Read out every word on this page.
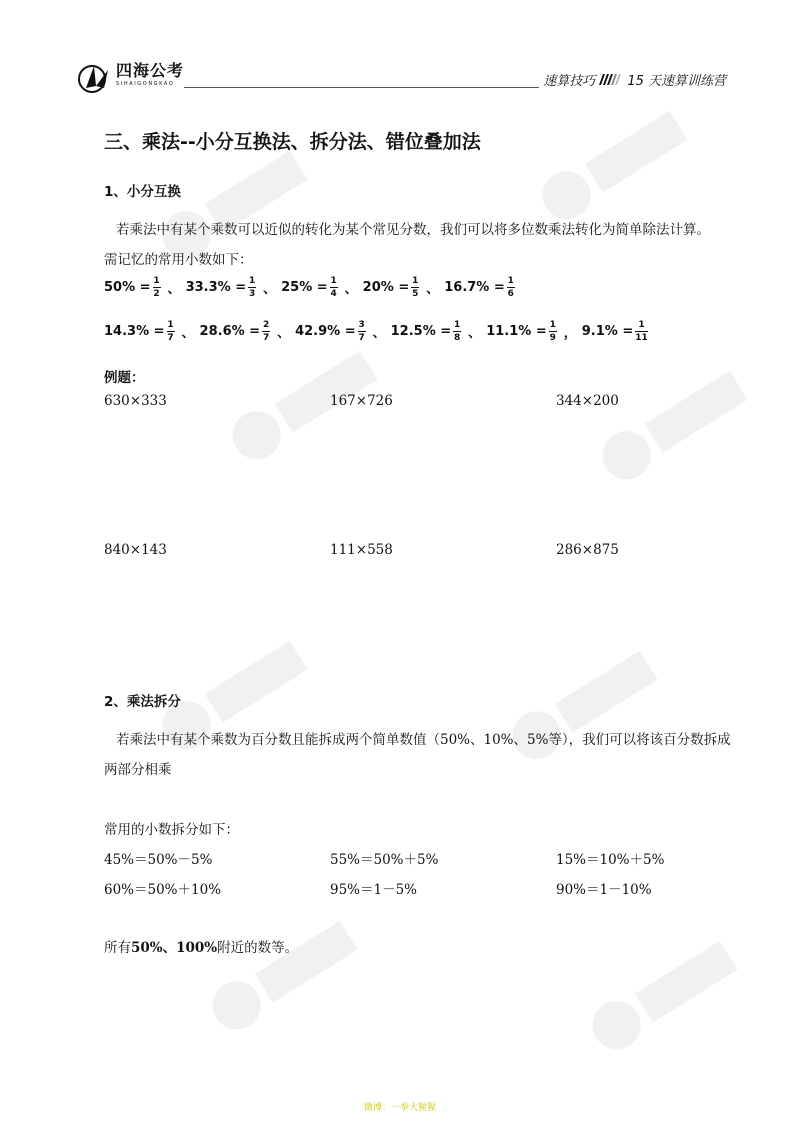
四海公考
SIHAIGONGKAO	速算技巧 15 天速算训练营
三、乘法--小分互换法、拆分法、错位叠加法
1、小分互换
若乘法中有某个乘数可以近似的转化为某个常见分数，我们可以将多位数乘法转化为简单除法计算。
需记忆的常用小数如下：
$50\% = \frac{1}{2}$ 、 $33.3\% = \frac{1}{3}$ 、 $25\% = \frac{1}{4}$ 、 $20\% = \frac{1}{5}$ 、 $16.7\% = \frac{1}{6}$
$14.3\% = \frac{1}{7}$ 、 $28.6\% = \frac{2}{7}$ 、 $42.9\% = \frac{3}{7}$ 、 $12.5\% = \frac{1}{8}$ 、 $11.1\% = \frac{1}{9}$ ， $9.1\% = \frac{1}{11}$
例题：
630×333	167×726	344×200
840×143	111×558	286×875
2、乘法拆分
若乘法中有某个乘数为百分数且能拆成两个简单数值（50%、10%、5%等），我们可以将该百分数拆成
两部分相乘
常用的小数拆分如下：
45%＝50%－5%	55%＝50%＋5%	15%＝10%＋5%
60%＝50%＋10%	95%＝1－5%	90%＝1－10%
所有50%、100%附近的数等。
微博：一拳大猩猩
